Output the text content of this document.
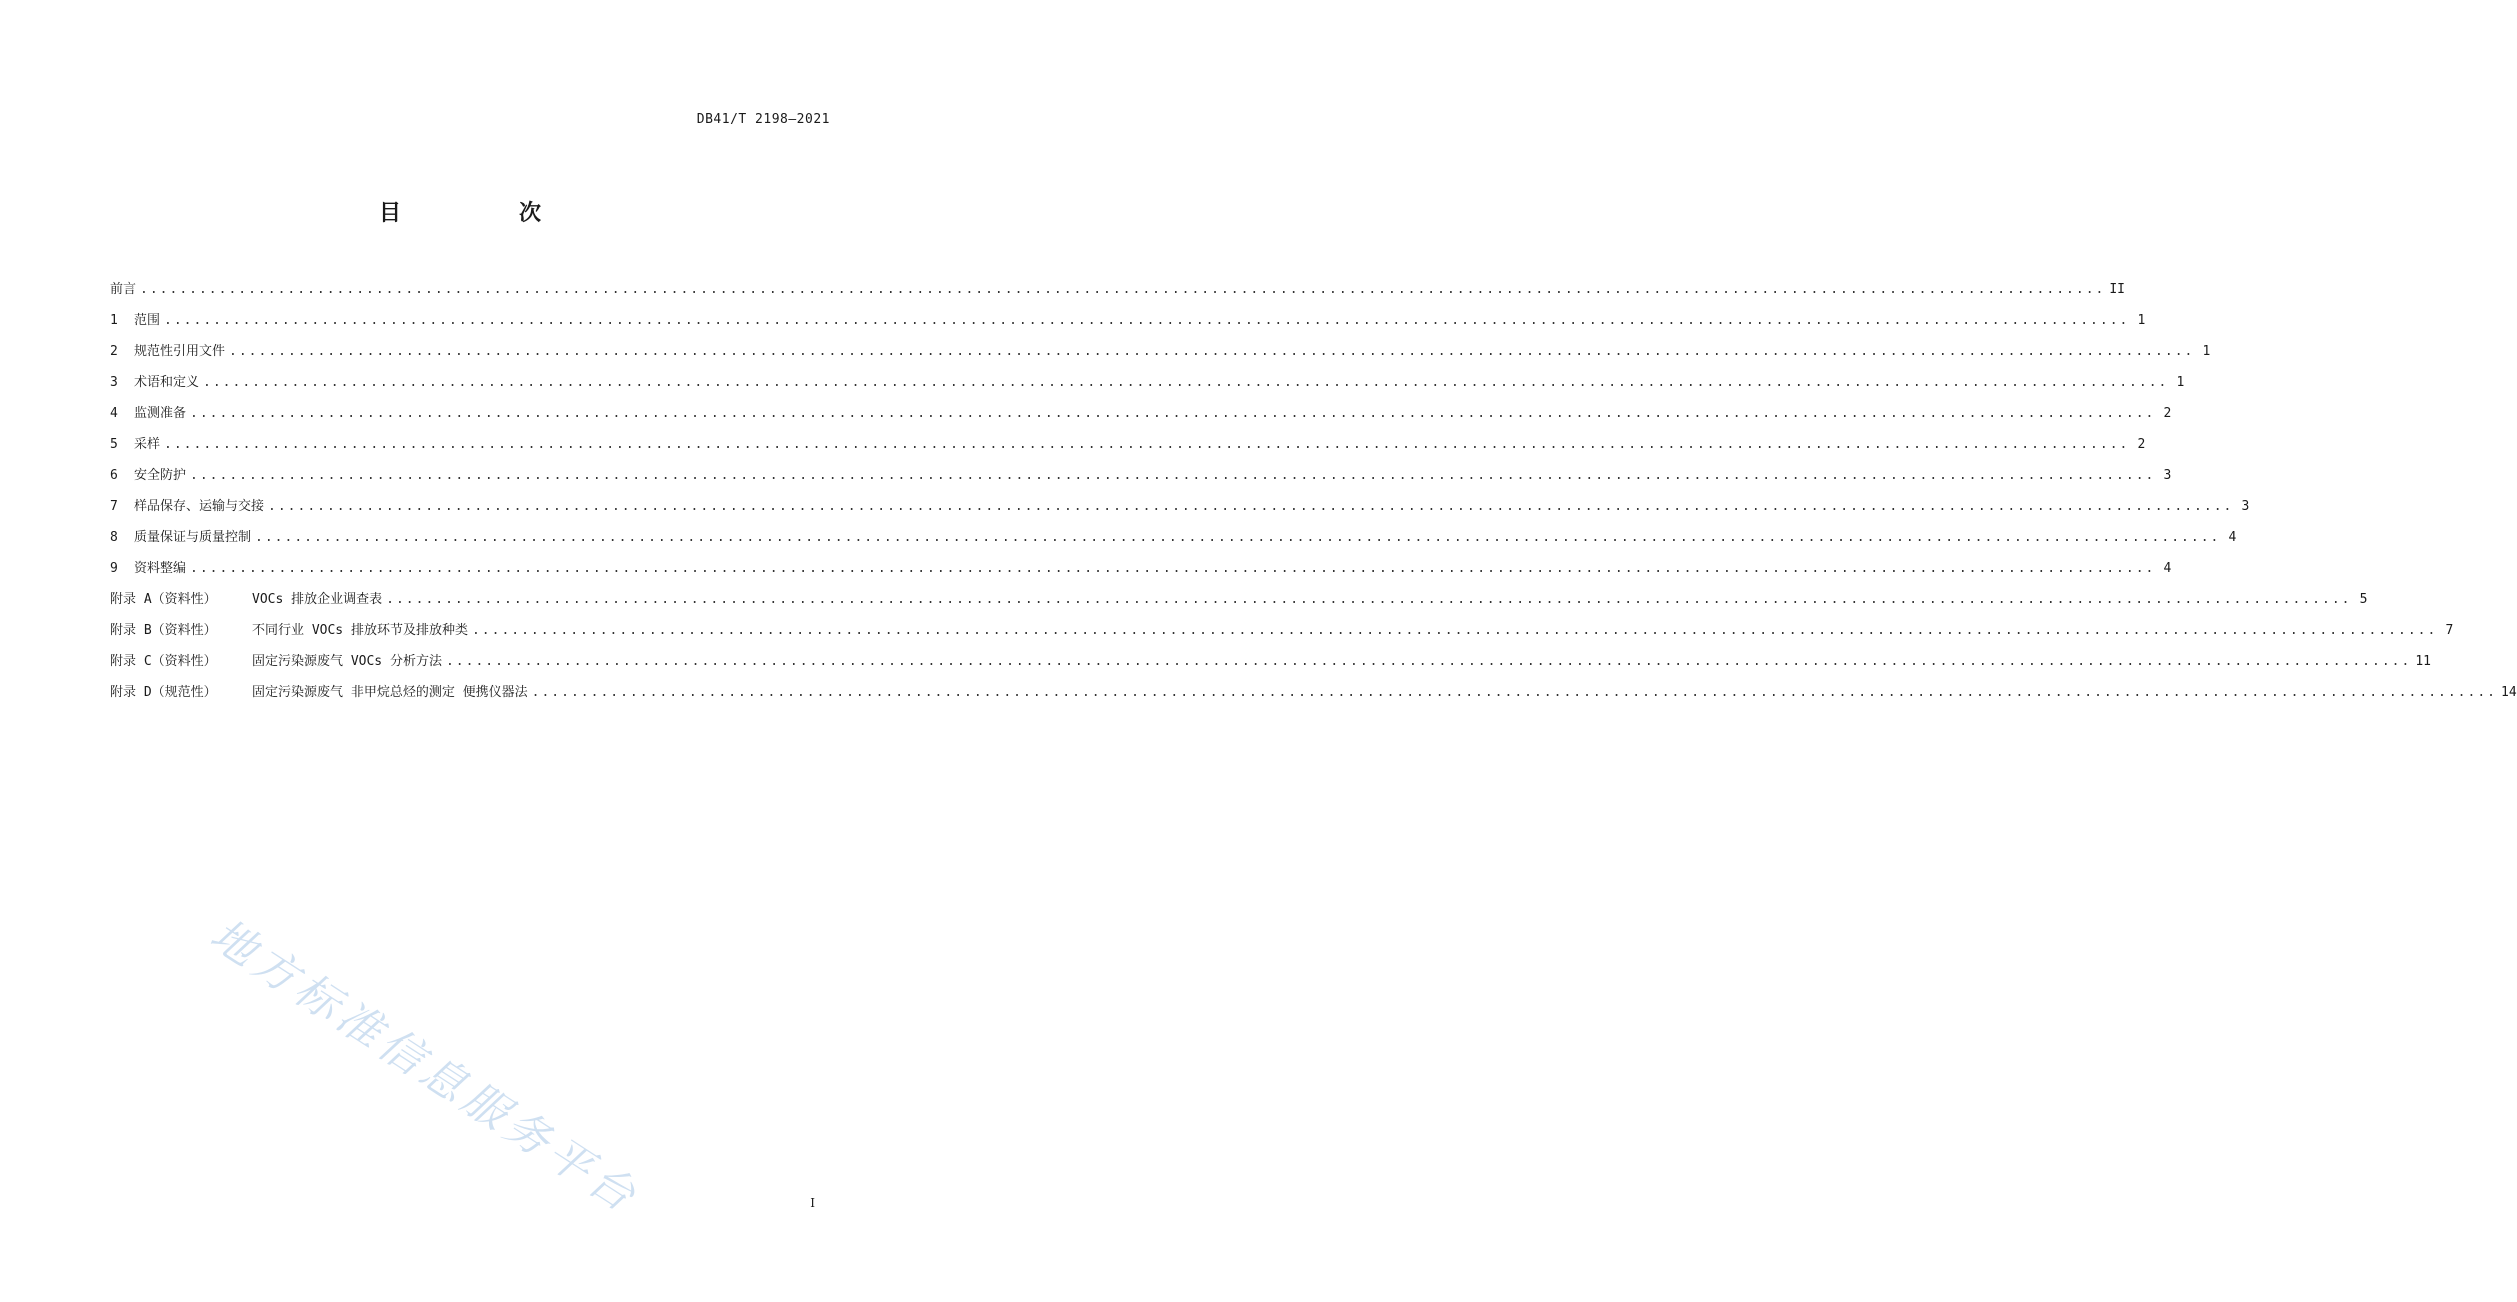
DB41/T 2198—2021
目　次
前言 ........................................................................................................................................................................................................ II
1	范围 ........................................................................................................................................................................................................ 1
2	规范性引用文件 ........................................................................................................................................................................................................ 1
3	术语和定义 ........................................................................................................................................................................................................ 1
4	监测准备 ........................................................................................................................................................................................................ 2
5	采样 ........................................................................................................................................................................................................ 2
6	安全防护 ........................................................................................................................................................................................................ 3
7	样品保存、运输与交接 ........................................................................................................................................................................................................ 3
8	质量保证与质量控制 ........................................................................................................................................................................................................ 4
9	资料整编 ........................................................................................................................................................................................................ 4
附录 A（资料性）	VOCs 排放企业调查表 ........................................................................................................................................................................................................ 5
附录 B（资料性）	不同行业 VOCs 排放环节及排放种类 ........................................................................................................................................................................................................ 7
附录 C（资料性）	固定污染源废气 VOCs 分析方法 ........................................................................................................................................................................................................ 11
附录 D（规范性）	固定污染源废气 非甲烷总烃的测定 便携仪器法 ........................................................................................................................................................................................................ 14
I
地方标准信息服务平台
